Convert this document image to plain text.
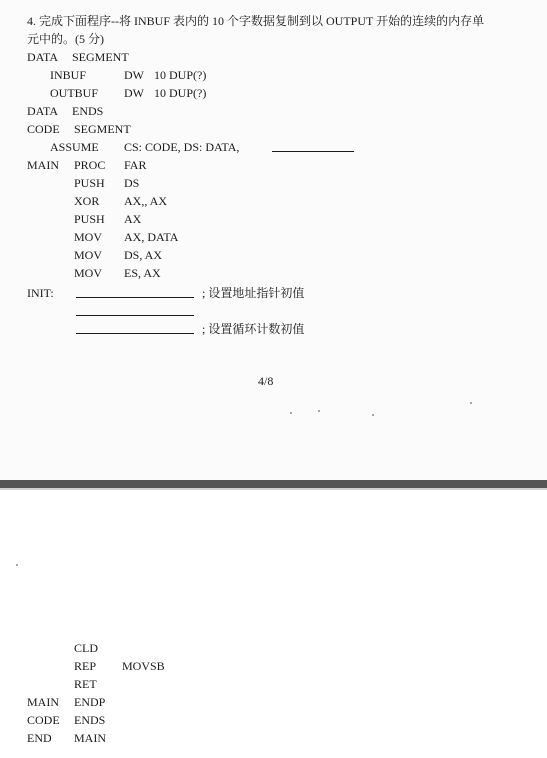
4. 完成下面程序--将 INBUF 表内的 10 个字数据复制到以 OUTPUT 开始的连续的内存单
元中的。(5 分)
DATA SEGMENT
INBUF	DW 10 DUP(?)
OUTBUF DW 10 DUP(?)
DATA ENDS
CODE SEGMENT
ASSUME CS: CODE, DS: DATA,
MAIN PROC FAR
PUSH DS
XOR AX,, AX
PUSH AX
MOV AX, DATA
MOV DS, AX
MOV ES, AX
INIT:	; 设置地址指针初值
; 设置循环计数初值
4/8
CLD
REP MOVSB
RET
MAIN ENDP
CODE ENDS
END MAIN
